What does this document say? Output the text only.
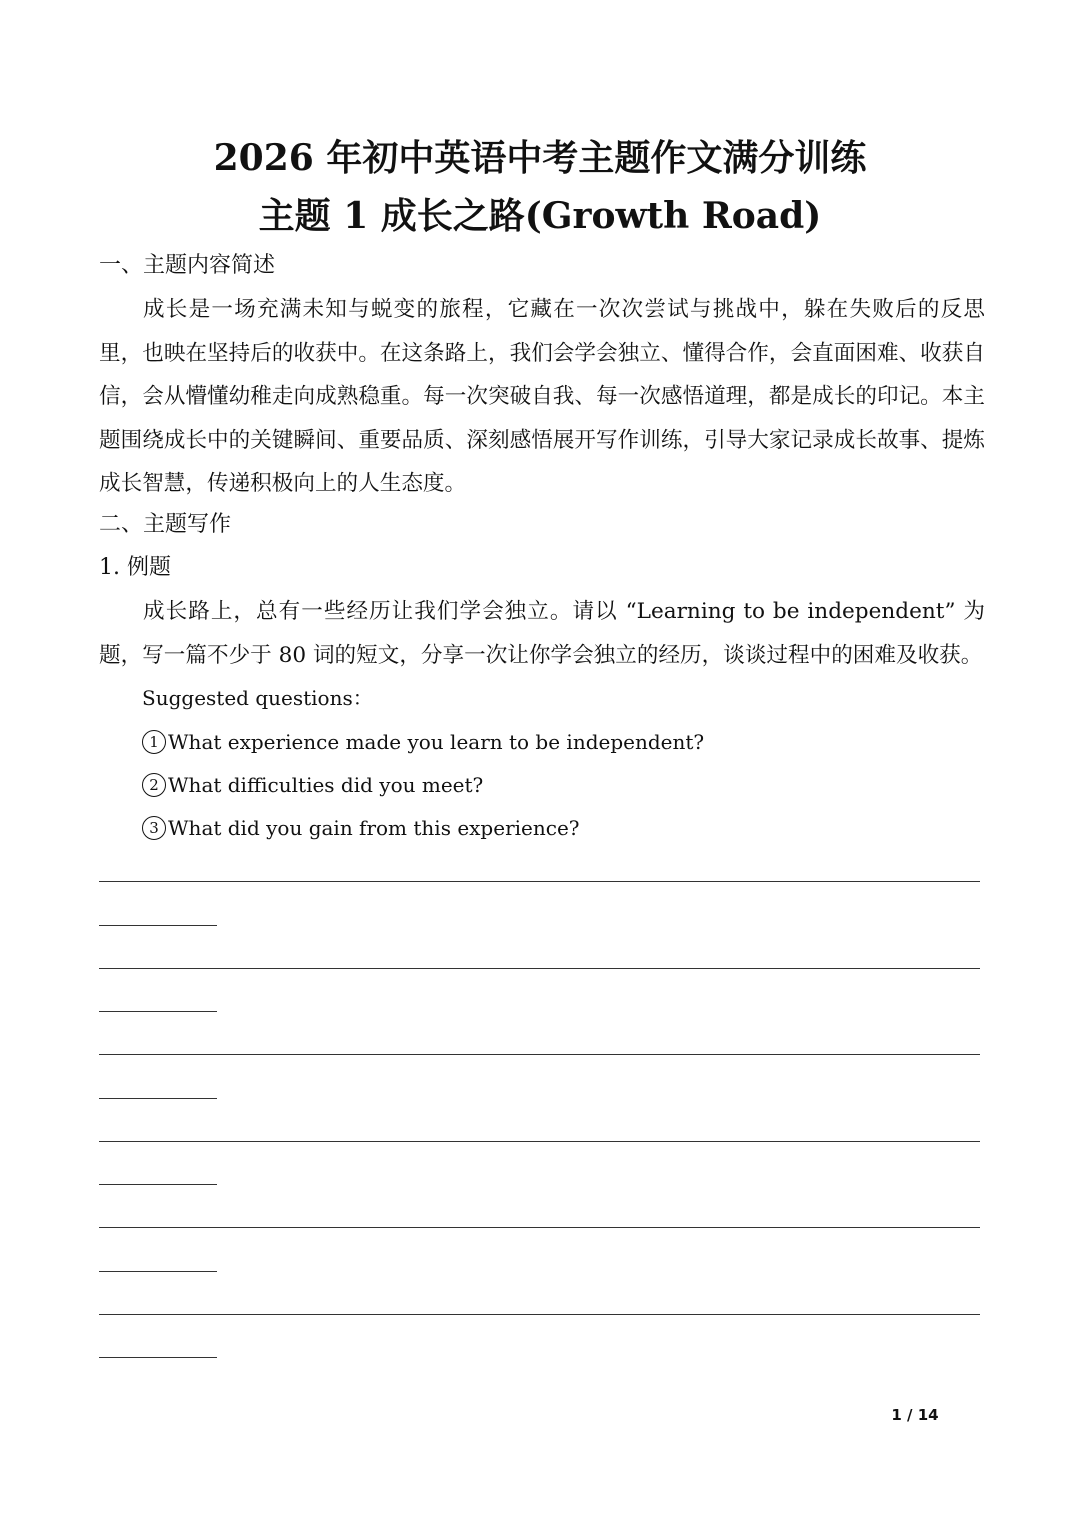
2026 年初中英语中考主题作文满分训练
主题 1 成长之路(Growth Road)
一、主题内容简述
成长是一场充满未知与蜕变的旅程，它藏在一次次尝试与挑战中，躲在失败后的反思里，也映在坚持后的收获中。在这条路上，我们会学会独立、懂得合作，会直面困难、收获自信，会从懵懂幼稚走向成熟稳重。每一次突破自我、每一次感悟道理，都是成长的印记。本主题围绕成长中的关键瞬间、重要品质、深刻感悟展开写作训练，引导大家记录成长故事、提炼成长智慧，传递积极向上的人生态度。
二、主题写作
1. 例题
成长路上，总有一些经历让我们学会独立。请以 “Learning to be independent” 为题，写一篇不少于 80 词的短文，分享一次让你学会独立的经历，谈谈过程中的困难及收获。
Suggested questions：
1 What experience made you learn to be independent?
2 What difficulties did you meet?
3 What did you gain from this experience?
1 / 14
